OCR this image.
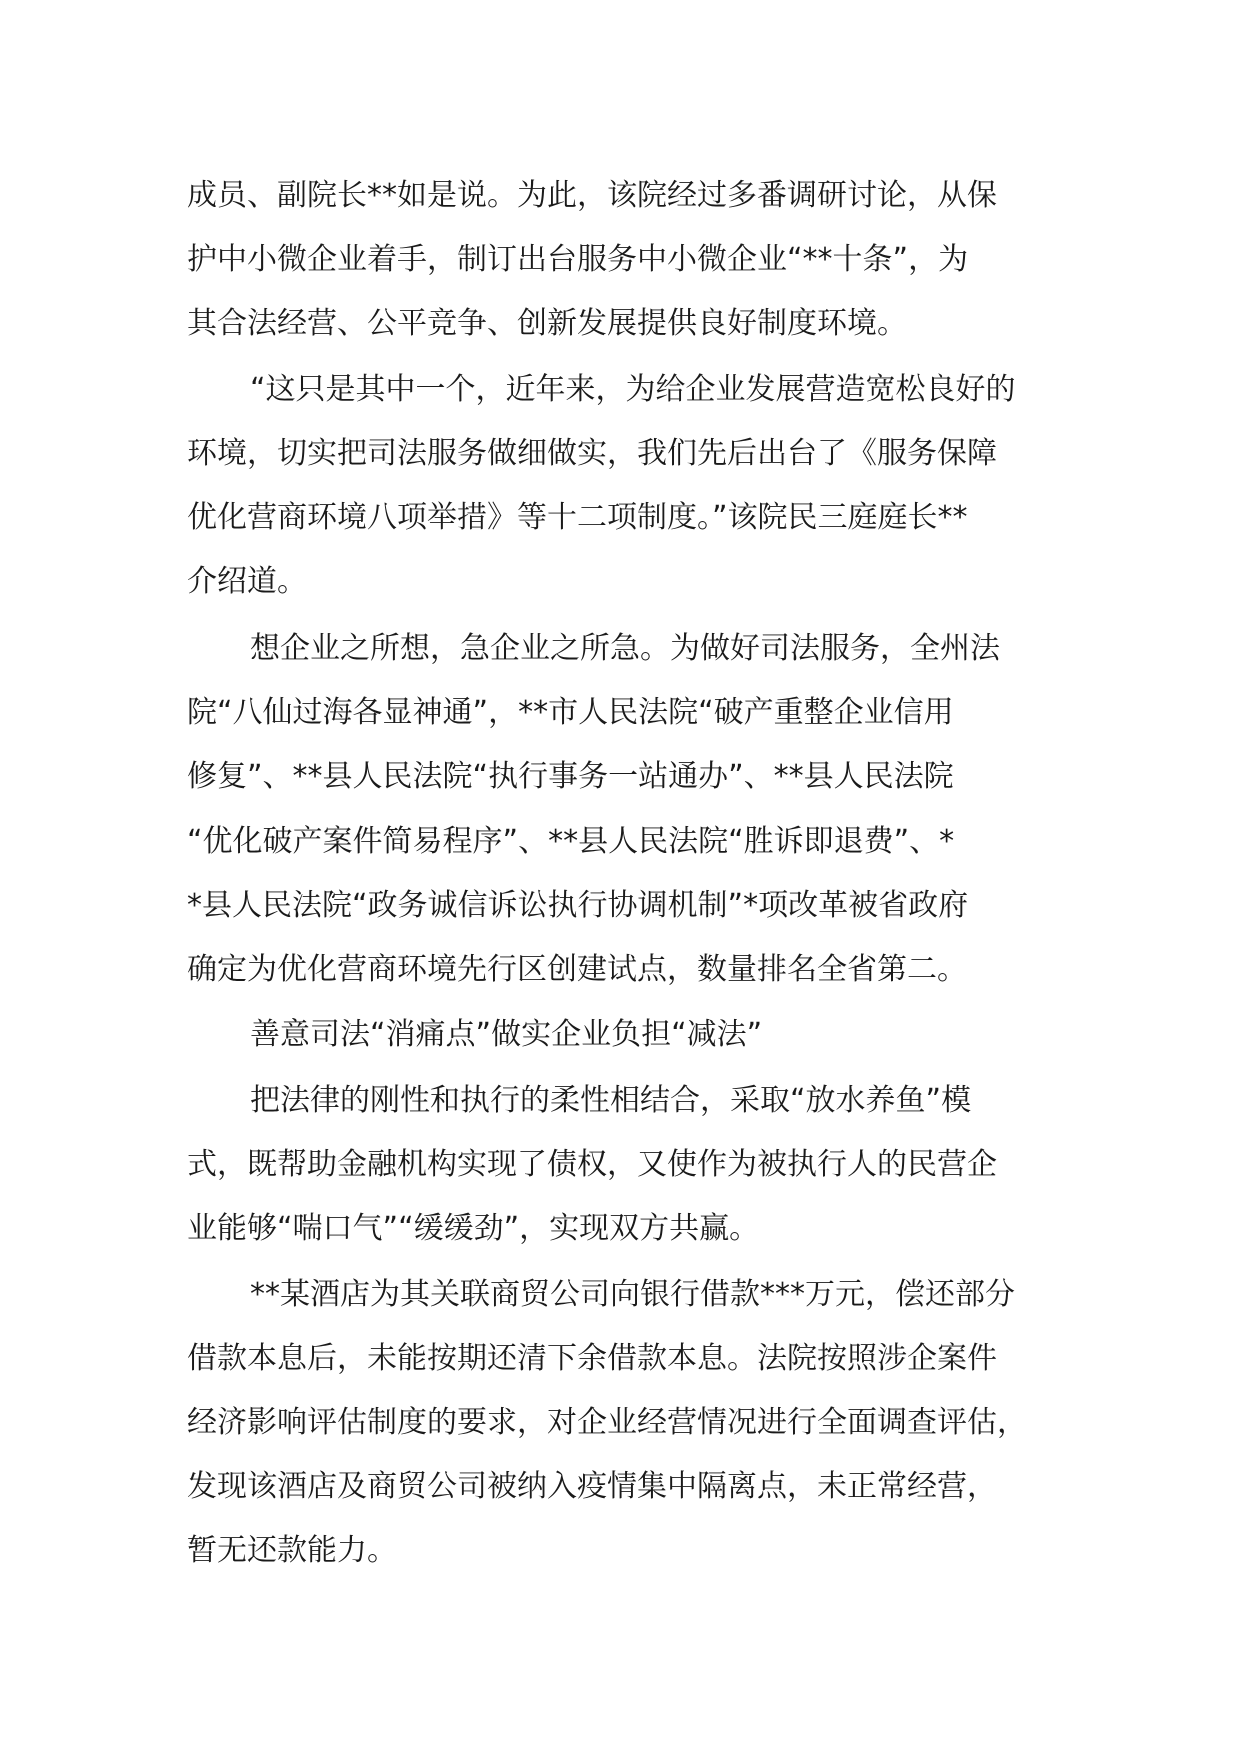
成员、副院长**如是说。为此，该院经过多番调研讨论，从保

护中小微企业着手，制订出台服务中小微企业“**十条”，为

其合法经营、公平竞争、创新发展提供良好制度环境。

“这只是其中一个，近年来，为给企业发展营造宽松良好的

环境，切实把司法服务做细做实，我们先后出台了《服务保障

优化营商环境八项举措》等十二项制度。”该院民三庭庭长**

介绍道。

想企业之所想，急企业之所急。为做好司法服务，全州法

院“八仙过海各显神通”，**市人民法院“破产重整企业信用

修复”、**县人民法院“执行事务一站通办”、**县人民法院

“优化破产案件简易程序”、**县人民法院“胜诉即退费”、*

*县人民法院“政务诚信诉讼执行协调机制”*项改革被省政府

确定为优化营商环境先行区创建试点，数量排名全省第二。

善意司法“消痛点”做实企业负担“减法”

把法律的刚性和执行的柔性相结合，采取“放水养鱼”模

式，既帮助金融机构实现了债权，又使作为被执行人的民营企

业能够“喘口气”“缓缓劲”，实现双方共赢。

**某酒店为其关联商贸公司向银行借款***万元，偿还部分

借款本息后，未能按期还清下余借款本息。法院按照涉企案件

经济影响评估制度的要求，对企业经营情况进行全面调查评估，

发现该酒店及商贸公司被纳入疫情集中隔离点，未正常经营，

暂无还款能力。
